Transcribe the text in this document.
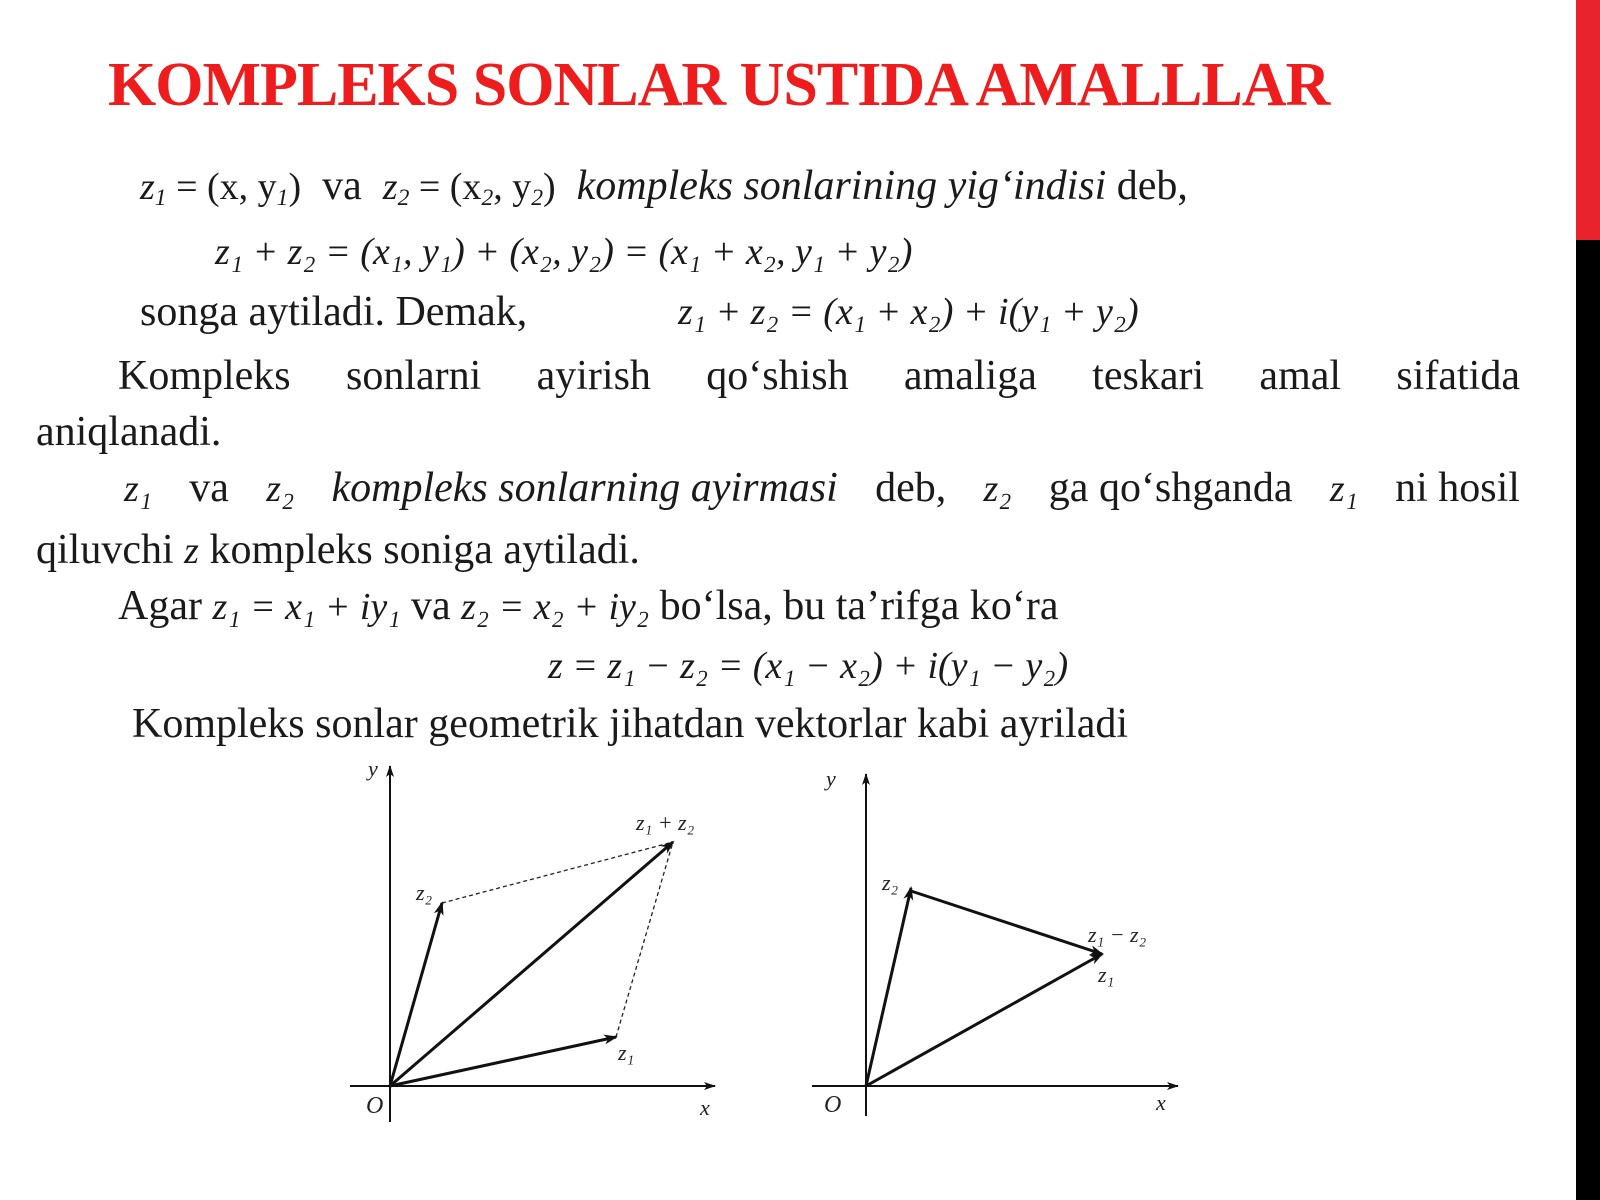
KOMPLEKS SONLAR USTIDA AMALLLAR
$z_1 = (x$, $y_1$) va $z_2 = (x_2$, $y_2$) kompleks sonlarining yig‘indisi deb,
z₁ + z₂ = (x₁, y₁) + (x₂, y₂) = (x₁ + x₂, y₁ + y₂)
songa aytiladi. Demak,	z₁ + z₂ = (x₁ + x₂) + i(y₁ + y₂)
Kompleks sonlarni ayirish qo‘shish amaliga teskari amal sifatida
aniqlanadi.
z₁ va z₂ kompleks sonlarning ayirmasi deb, z₂ ga qo‘shganda z₁ ni hosil
qiluvchi z kompleks soniga aytiladi.
Agar z₁ = x₁ + iy₁ va z₂ = x₂ + iy₂ bo‘lsa, bu ta’rifga ko‘ra
z = z₁ − z₂ = (x₁ − x₂) + i(y₁ − y₂)
Kompleks sonlar geometrik jihatdan vektorlar kabi ayriladi
y
x
O
z₁
z₂
z₁ + z₂
y
x
O
z₂
z₁ − z₂
z₁
